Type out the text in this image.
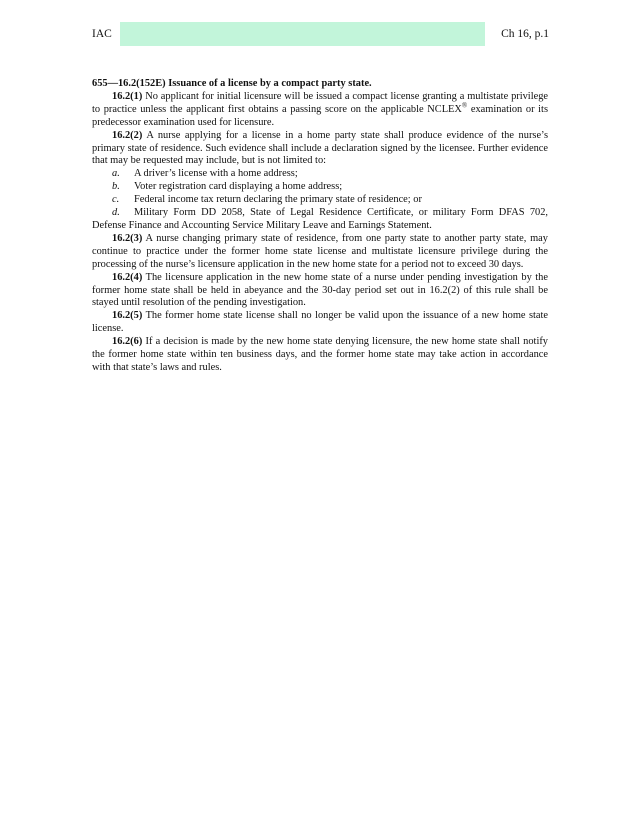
IAC	Ch 16, p.1

655—16.2(152E) Issuance of a license by a compact party state.

16.2(1) No applicant for initial licensure will be issued a compact license granting a multistate privilege to practice unless the applicant first obtains a passing score on the applicable NCLEX® examination or its predecessor examination used for licensure.

16.2(2) A nurse applying for a license in a home party state shall produce evidence of the nurse’s primary state of residence. Such evidence shall include a declaration signed by the licensee. Further evidence that may be requested may include, but is not limited to:

a. A driver’s license with a home address;

b. Voter registration card displaying a home address;

c. Federal income tax return declaring the primary state of residence; or

d. Military Form DD 2058, State of Legal Residence Certificate, or military Form DFAS 702, Defense Finance and Accounting Service Military Leave and Earnings Statement.

16.2(3) A nurse changing primary state of residence, from one party state to another party state, may continue to practice under the former home state license and multistate licensure privilege during the processing of the nurse’s licensure application in the new home state for a period not to exceed 30 days.

16.2(4) The licensure application in the new home state of a nurse under pending investigation by the former home state shall be held in abeyance and the 30-day period set out in 16.2(2) of this rule shall be stayed until resolution of the pending investigation.

16.2(5) The former home state license shall no longer be valid upon the issuance of a new home state license.

16.2(6) If a decision is made by the new home state denying licensure, the new home state shall notify the former home state within ten business days, and the former home state may take action in accordance with that state’s laws and rules.
